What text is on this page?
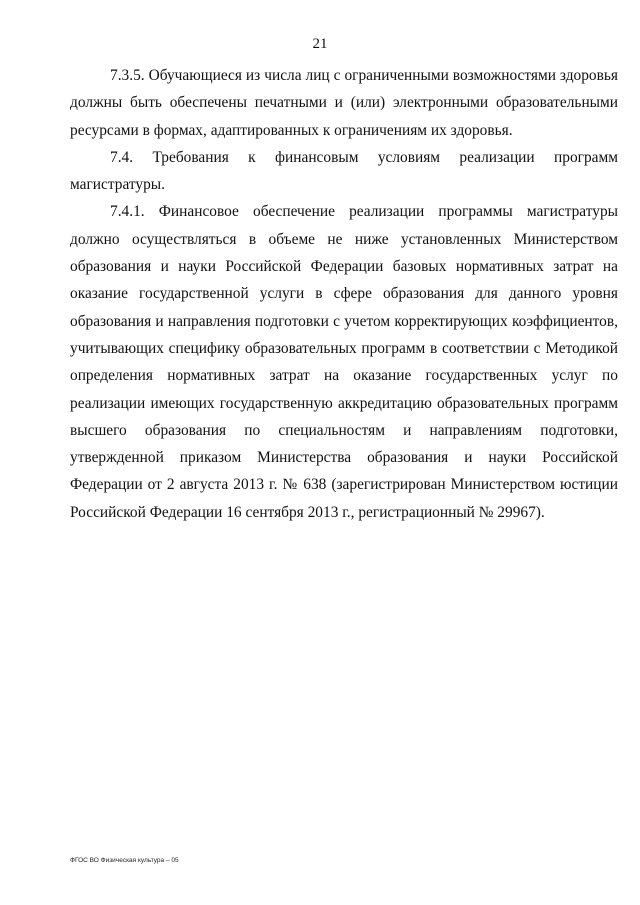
21

7.3.5. Обучающиеся из числа лиц с ограниченными возможностями здоровья должны быть обеспечены печатными и (или) электронными образовательными ресурсами в формах, адаптированных к ограничениям их здоровья.

7.4. Требования к финансовым условиям реализации программ магистратуры.

7.4.1. Финансовое обеспечение реализации программы магистратуры должно осуществляться в объеме не ниже установленных Министерством образования и науки Российской Федерации базовых нормативных затрат на оказание государственной услуги в сфере образования для данного уровня образования и направления подготовки с учетом корректирующих коэффициентов, учитывающих специфику образовательных программ в соответствии с Методикой определения нормативных затрат на оказание государственных услуг по реализации имеющих государственную аккредитацию образовательных программ высшего образования по специальностям и направлениям подготовки, утвержденной приказом Министерства образования и науки Российской Федерации от 2 августа 2013 г. № 638 (зарегистрирован Министерством юстиции Российской Федерации 16 сентября 2013 г., регистрационный № 29967).

ФГОС ВО Физическая культура – 05
